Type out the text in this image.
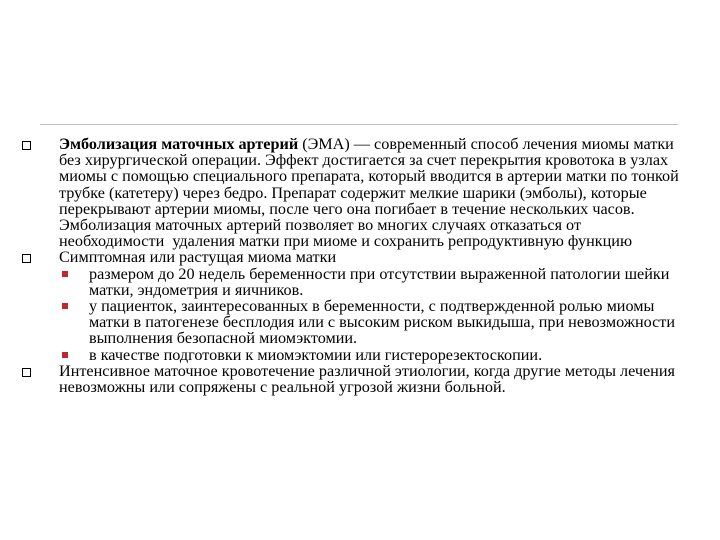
Эмболизация маточных артерий (ЭМА) — современный способ лечения миомы матки без хирургической операции. Эффект достигается за счет перекрытия кровотока в узлах миомы с помощью специального препарата, который вводится в артерии матки по тонкой трубке (катетеру) через бедро. Препарат содержит мелкие шарики (эмболы), которые перекрывают артерии миомы, после чего она погибает в течение нескольких часов. Эмболизация маточных артерий позволяет во многих случаях отказаться от необходимости  удаления матки при миоме и сохранить репродуктивную функцию
Симптомная или растущая миома матки
размером до 20 недель беременности при отсутствии выраженной патологии шейки матки, эндометрия и яичников.
у пациенток, заинтересованных в беременности, с подтвержденной ролью миомы матки в патогенезе бесплодия или с высоким риском выкидыша, при невозможности выполнения безопасной миомэктомии.
в качестве подготовки к миомэктомии или гистерорезектоскопии.
Интенсивное маточное кровотечение различной этиологии, когда другие методы лечения невозможны или сопряжены с реальной угрозой жизни больной.
